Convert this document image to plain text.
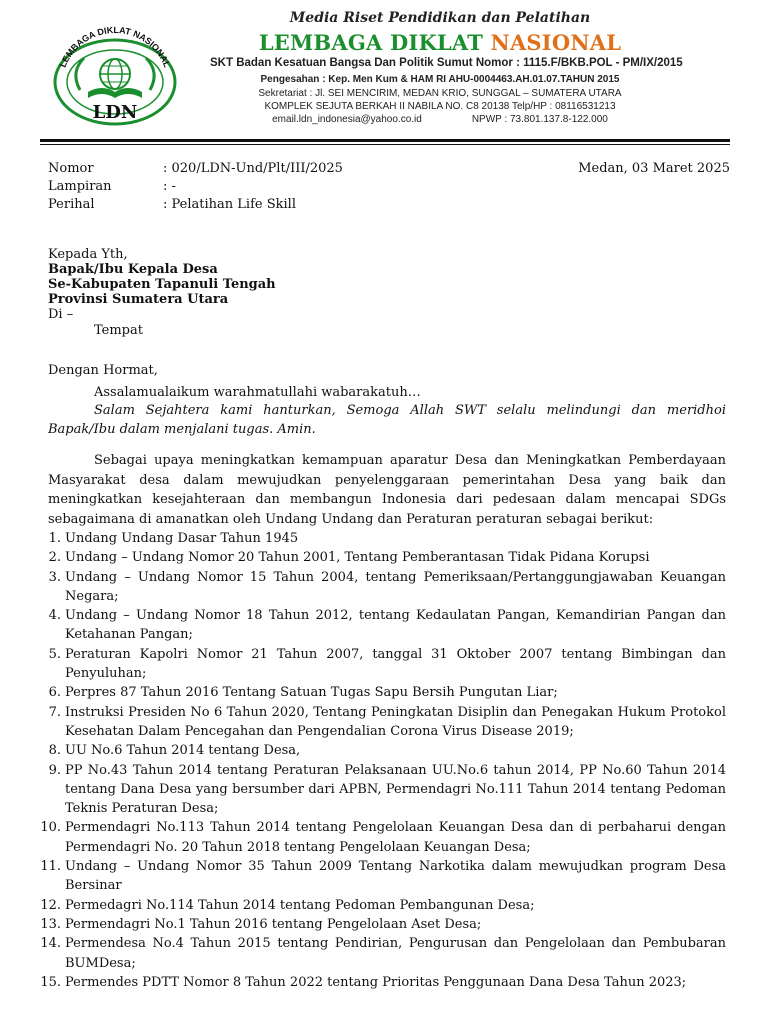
LEMBAGA DIKLAT NASIONAL
LDN
Media Riset Pendidikan dan Pelatihan
LEMBAGA DIKLAT NASIONAL
SKT Badan Kesatuan Bangsa Dan Politik Sumut Nomor : 1115.F/BKB.POL - PM/IX/2015
Pengesahan : Kep. Men Kum & HAM RI AHU-0004463.AH.01.07.TAHUN 2015
Sekretariat : Jl. SEI MENCIRIM, MEDAN KRIO, SUNGGAL – SUMATERA UTARA
KOMPLEK SEJUTA BERKAH II NABILA NO. C8 20138 Telp/HP : 08116531213
email.ldn_indonesia@yahoo.co.id	NPWP : 73.801.137.8-122.000
Nomor	: 020/LDN-Und/Plt/III/2025	Medan, 03 Maret 2025
Lampiran	: -
Perihal	: Pelatihan Life Skill
Kepada Yth,
Bapak/Ibu Kepala Desa
Se-Kabupaten Tapanuli Tengah
Provinsi Sumatera Utara
Di –
Tempat
Dengan Hormat,
Assalamualaikum warahmatullahi wabarakatuh…
Salam Sejahtera kami hanturkan, Semoga Allah SWT selalu melindungi dan meridhoi Bapak/Ibu dalam menjalani tugas. Amin.
Sebagai upaya meningkatkan kemampuan aparatur Desa dan Meningkatkan Pemberdayaan Masyarakat desa dalam mewujudkan penyelenggaraan pemerintahan Desa yang baik dan meningkatkan kesejahteraan dan membangun Indonesia dari pedesaan dalam mencapai SDGs sebagaimana di amanatkan oleh Undang Undang dan Peraturan peraturan sebagai berikut:
1. Undang Undang Dasar Tahun 1945
2. Undang – Undang Nomor 20 Tahun 2001, Tentang Pemberantasan Tidak Pidana Korupsi
3. Undang – Undang Nomor 15 Tahun 2004, tentang Pemeriksaan/Pertanggungjawaban Keuangan Negara;
4. Undang – Undang Nomor 18 Tahun 2012, tentang Kedaulatan Pangan, Kemandirian Pangan dan Ketahanan Pangan;
5. Peraturan Kapolri Nomor 21 Tahun 2007, tanggal 31 Oktober 2007 tentang Bimbingan dan Penyuluhan;
6. Perpres 87 Tahun 2016 Tentang Satuan Tugas Sapu Bersih Pungutan Liar;
7. Instruksi Presiden No 6 Tahun 2020, Tentang Peningkatan Disiplin dan Penegakan Hukum Protokol Kesehatan Dalam Pencegahan dan Pengendalian Corona Virus Disease 2019;
8. UU No.6 Tahun 2014 tentang Desa,
9. PP No.43 Tahun 2014 tentang Peraturan Pelaksanaan UU.No.6 tahun 2014, PP No.60 Tahun 2014 tentang Dana Desa yang bersumber dari APBN, Permendagri No.111 Tahun 2014 tentang Pedoman Teknis Peraturan Desa;
10. Permendagri No.113 Tahun 2014 tentang Pengelolaan Keuangan Desa dan di perbaharui dengan Permendagri No. 20 Tahun 2018 tentang Pengelolaan Keuangan Desa;
11. Undang – Undang Nomor 35 Tahun 2009 Tentang Narkotika dalam mewujudkan program Desa Bersinar
12. Permedagri No.114 Tahun 2014 tentang Pedoman Pembangunan Desa;
13. Permendagri No.1 Tahun 2016 tentang Pengelolaan Aset Desa;
14. Permendesa No.4 Tahun 2015 tentang Pendirian, Pengurusan dan Pengelolaan dan Pembubaran BUMDesa;
15. Permendes PDTT Nomor 8 Tahun 2022 tentang Prioritas Penggunaan Dana Desa Tahun 2023;
